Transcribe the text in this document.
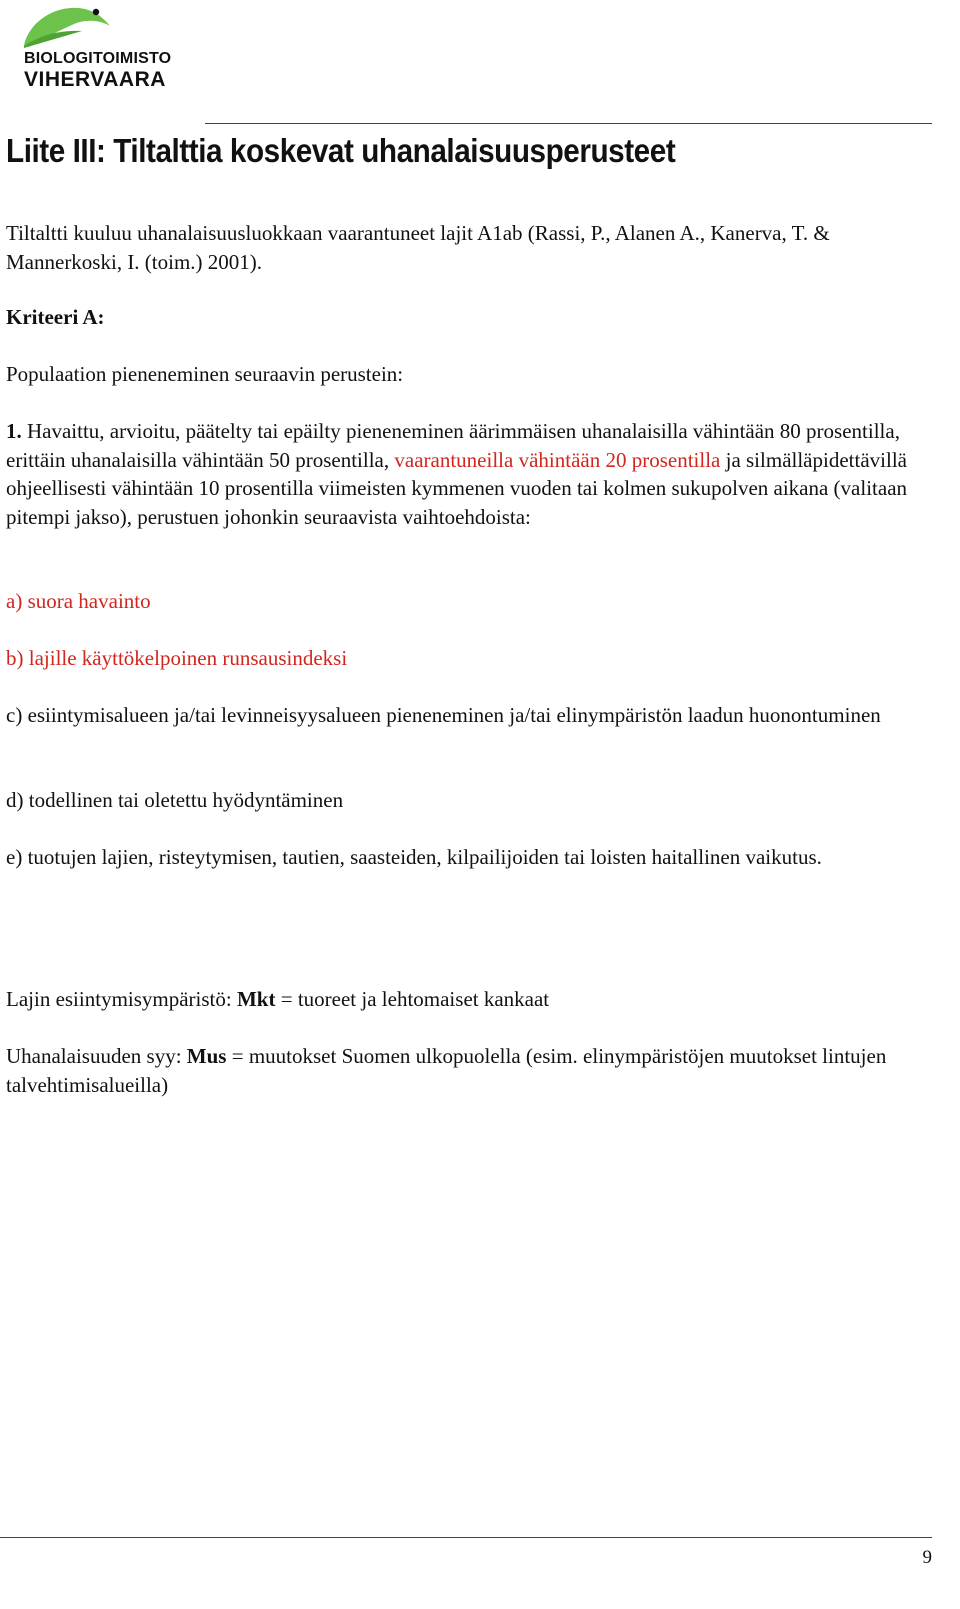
BIOLOGITOIMISTO
VIHERVAARA
Liite III: Tiltalttia koskevat uhanalaisuusperusteet

Tiltaltti kuuluu uhanalaisuusluokkaan vaarantuneet lajit A1ab (Rassi, P., Alanen A., Kanerva, T. & Mannerkoski, I. (toim.) 2001).

Kriteeri A:

Populaation pieneneminen seuraavin perustein:

1. Havaittu, arvioitu, päätelty tai epäilty pieneneminen äärimmäisen uhanalaisilla vähintään 80 prosentilla, erittäin uhanalaisilla vähintään 50 prosentilla, vaarantuneilla vähintään 20 prosentilla ja silmälläpidettävillä ohjeellisesti vähintään 10 prosentilla viimeisten kymmenen vuoden tai kolmen sukupolven aikana (valitaan pitempi jakso), perustuen johonkin seuraavista vaihtoehdoista:

a) suora havainto

b) lajille käyttökelpoinen runsausindeksi

c) esiintymisalueen ja/tai levinneisyysalueen pieneneminen ja/tai elinympäristön laadun huonontuminen

d) todellinen tai oletettu hyödyntäminen

e) tuotujen lajien, risteytymisen, tautien, saasteiden, kilpailijoiden tai loisten haitallinen vaikutus.

Lajin esiintymisympäristö: Mkt = tuoreet ja lehtomaiset kankaat

Uhanalaisuuden syy: Mus = muutokset Suomen ulkopuolella (esim. elinympäristöjen muutokset lintujen talvehtimisalueilla)

9
